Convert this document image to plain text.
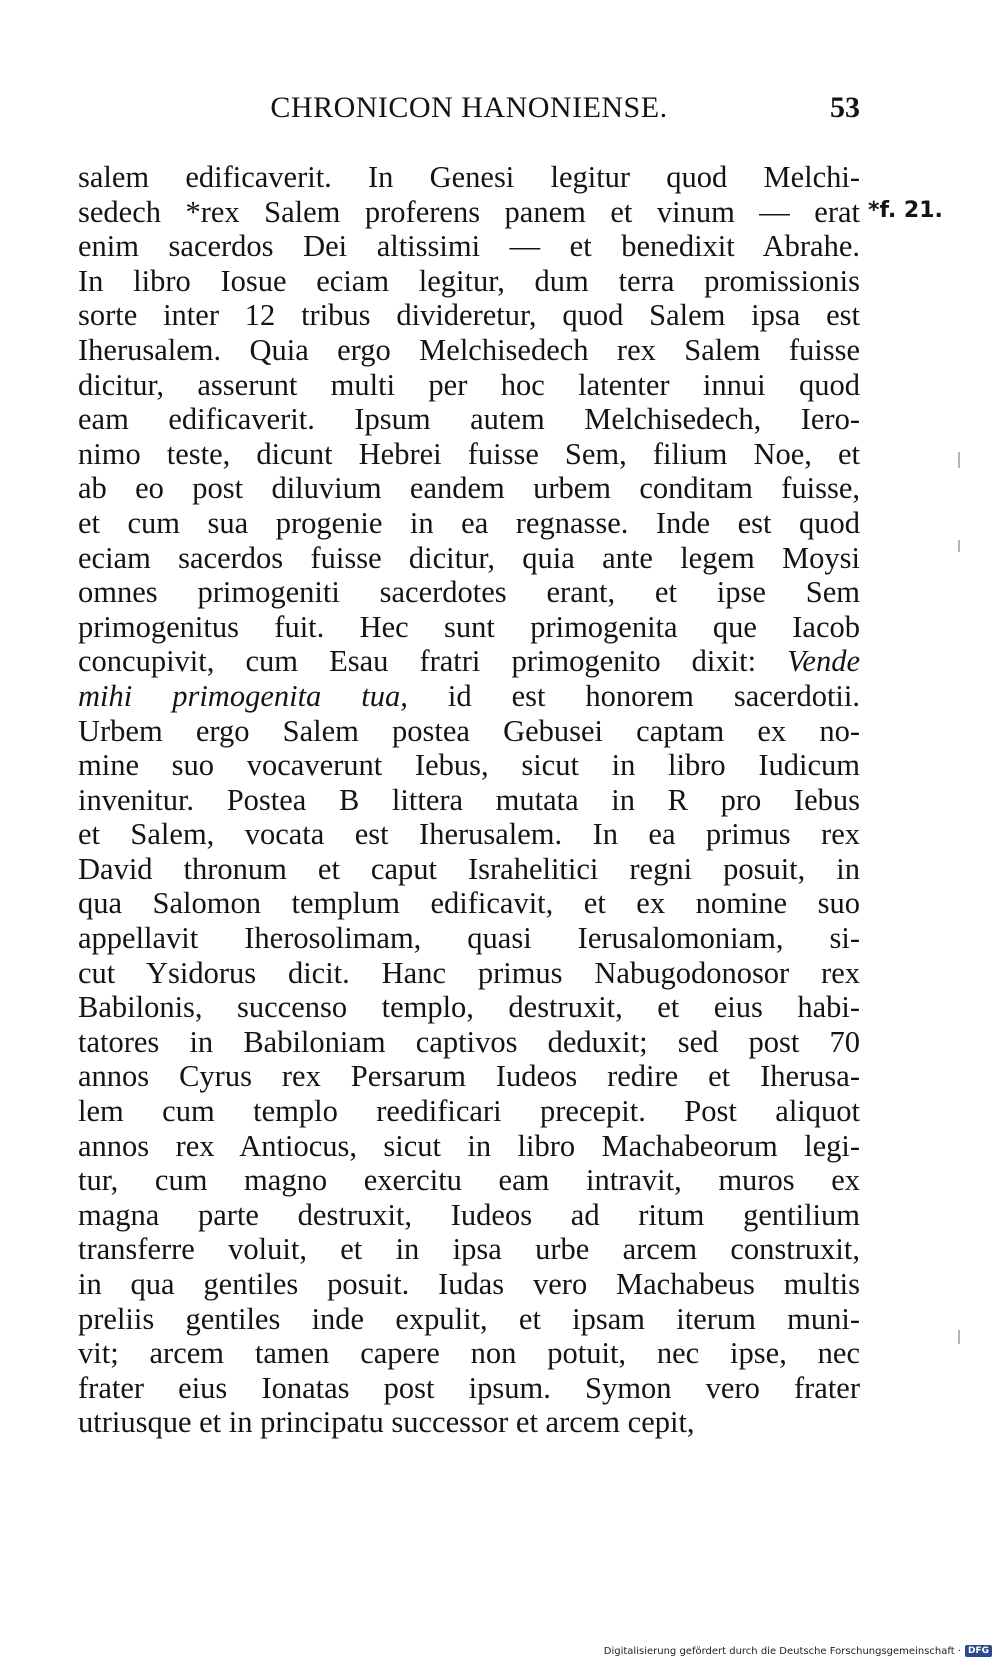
CHRONICON HANONIENSE.	53
*f. 21.
salem edificaverit. In Genesi legitur quod Melchi-
sedech *rex Salem proferens panem et vinum — erat
enim sacerdos Dei altissimi — et benedixit Abrahe.
In libro Iosue eciam legitur, dum terra promissionis
sorte inter 12 tribus divideretur, quod Salem ipsa est
Iherusalem. Quia ergo Melchisedech rex Salem fuisse
dicitur, asserunt multi per hoc latenter innui quod
eam edificaverit. Ipsum autem Melchisedech, Iero-
nimo teste, dicunt Hebrei fuisse Sem, filium Noe, et
ab eo post diluvium eandem urbem conditam fuisse,
et cum sua progenie in ea regnasse. Inde est quod
eciam sacerdos fuisse dicitur, quia ante legem Moysi
omnes primogeniti sacerdotes erant, et ipse Sem
primogenitus fuit. Hec sunt primogenita que Iacob
concupivit, cum Esau fratri primogenito dixit: Vende
mihi primogenita tua, id est honorem sacerdotii.
Urbem ergo Salem postea Gebusei captam ex no-
mine suo vocaverunt Iebus, sicut in libro Iudicum
invenitur. Postea B littera mutata in R pro Iebus
et Salem, vocata est Iherusalem. In ea primus rex
David thronum et caput Israhelitici regni posuit, in
qua Salomon templum edificavit, et ex nomine suo
appellavit Iherosolimam, quasi Ierusalomoniam, si-
cut Ysidorus dicit. Hanc primus Nabugodonosor rex
Babilonis, succenso templo, destruxit, et eius habi-
tatores in Babiloniam captivos deduxit; sed post 70
annos Cyrus rex Persarum Iudeos redire et Iherusa-
lem cum templo reedificari precepit. Post aliquot
annos rex Antiocus, sicut in libro Machabeorum legi-
tur, cum magno exercitu eam intravit, muros ex
magna parte destruxit, Iudeos ad ritum gentilium
transferre voluit, et in ipsa urbe arcem construxit,
in qua gentiles posuit. Iudas vero Machabeus multis
preliis gentiles inde expulit, et ipsam iterum muni-
vit; arcem tamen capere non potuit, nec ipse, nec
frater eius Ionatas post ipsum. Symon vero frater
utriusque et in principatu successor et arcem cepit,
Digitalisierung gefördert durch die Deutsche Forschungsgemeinschaft · DFG
